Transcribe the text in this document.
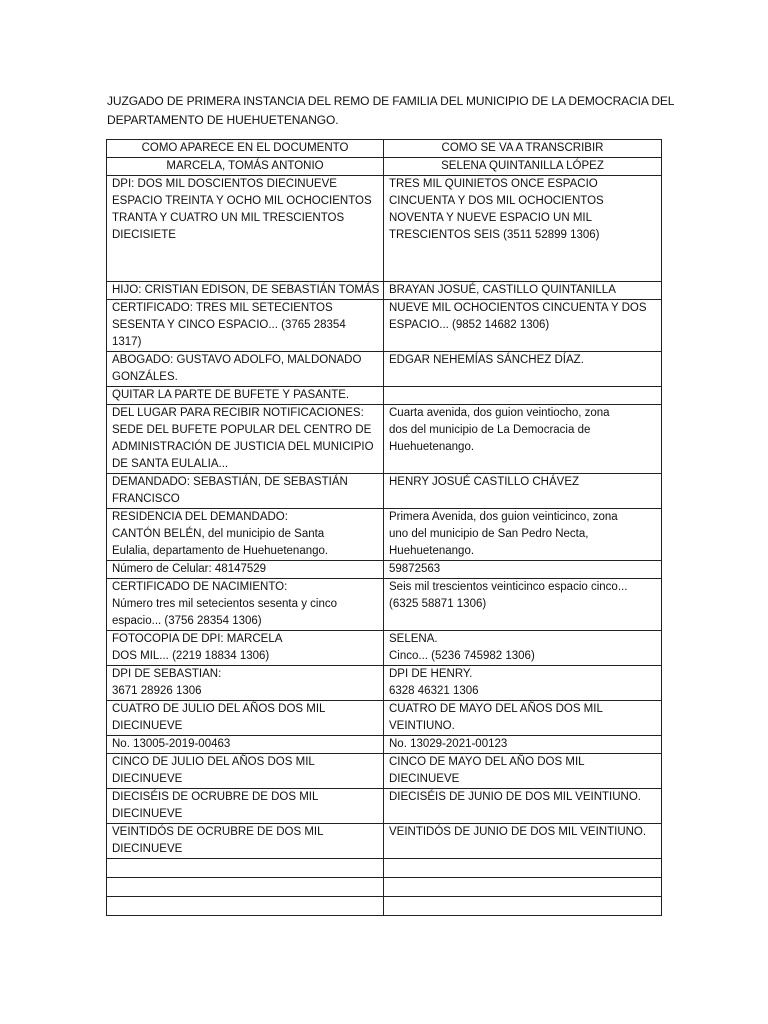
JUZGADO DE PRIMERA INSTANCIA DEL REMO DE FAMILIA DEL MUNICIPIO DE LA DEMOCRACIA DEL
DEPARTAMENTO DE HUEHUETENANGO.
COMO APARECE EN EL DOCUMENTO	COMO SE VA A TRANSCRIBIR

MARCELA, TOMÁS ANTONIO	SELENA QUINTANILLA LÓPEZ

DPI: DOS MIL DOSCIENTOS DIECINUEVE
ESPACIO TREINTA Y OCHO MIL OCHOCIENTOS
TRANTA Y CUATRO UN MIL TRESCIENTOS
DIECISIETE	TRES MIL QUINIETOS ONCE ESPACIO
CINCUENTA Y DOS MIL OCHOCIENTOS
NOVENTA Y NUEVE ESPACIO UN MIL
TRESCIENTOS SEIS (3511 52899 1306)

HIJO: CRISTIAN EDISON, DE SEBASTIÁN TOMÁS	BRAYAN JOSUÉ, CASTILLO QUINTANILLA

CERTIFICADO: TRES MIL SETECIENTOS
SESENTA Y CINCO ESPACIO... (3765 28354
1317)	NUEVE MIL OCHOCIENTOS CINCUENTA Y DOS
ESPACIO... (9852 14682 1306)

ABOGADO: GUSTAVO ADOLFO, MALDONADO
GONZÁLES.	EDGAR NEHEMÍAS SÁNCHEZ DÍAZ.

QUITAR LA PARTE DE BUFETE Y PASANTE.	

DEL LUGAR PARA RECIBIR NOTIFICACIONES:
SEDE DEL BUFETE POPULAR DEL CENTRO DE
ADMINISTRACIÓN DE JUSTICIA DEL MUNICIPIO
DE SANTA EULALIA...	Cuarta avenida, dos guion veintiocho, zona
dos del municipio de La Democracia de
Huehuetenango.

DEMANDADO: SEBASTIÁN, DE SEBASTIÁN
FRANCISCO	HENRY JOSUÉ CASTILLO CHÁVEZ

RESIDENCIA DEL DEMANDADO:
CANTÓN BELÉN, del municipio de Santa
Eulalia, departamento de Huehuetenango.	Primera Avenida, dos guion veinticinco, zona
uno del municipio de San Pedro Necta,
Huehuetenango.

Número de Celular: 48147529	59872563

CERTIFICADO DE NACIMIENTO:
Número tres mil setecientos sesenta y cinco
espacio... (3756 28354 1306)	Seis mil trescientos veinticinco espacio cinco...
(6325 58871 1306)

FOTOCOPIA DE DPI: MARCELA
DOS MIL... (2219 18834 1306)	SELENA.
Cinco... (5236 745982 1306)

DPI DE SEBASTIAN:
3671 28926 1306	DPI DE HENRY.
6328 46321 1306

CUATRO DE JULIO DEL AÑOS DOS MIL
DIECINUEVE	CUATRO DE MAYO DEL AÑOS DOS MIL
VEINTIUNO.

No. 13005-2019-00463	No. 13029-2021-00123

CINCO DE JULIO DEL AÑOS DOS MIL
DIECINUEVE	CINCO DE MAYO DEL AÑO DOS MIL
DIECINUEVE

DIECISÉIS DE OCRUBRE DE DOS MIL
DIECINUEVE	DIECISÉIS DE JUNIO DE DOS MIL VEINTIUNO.

VEINTIDÓS DE OCRUBRE DE DOS MIL
DIECINUEVE	VEINTIDÓS DE JUNIO DE DOS MIL VEINTIUNO.
